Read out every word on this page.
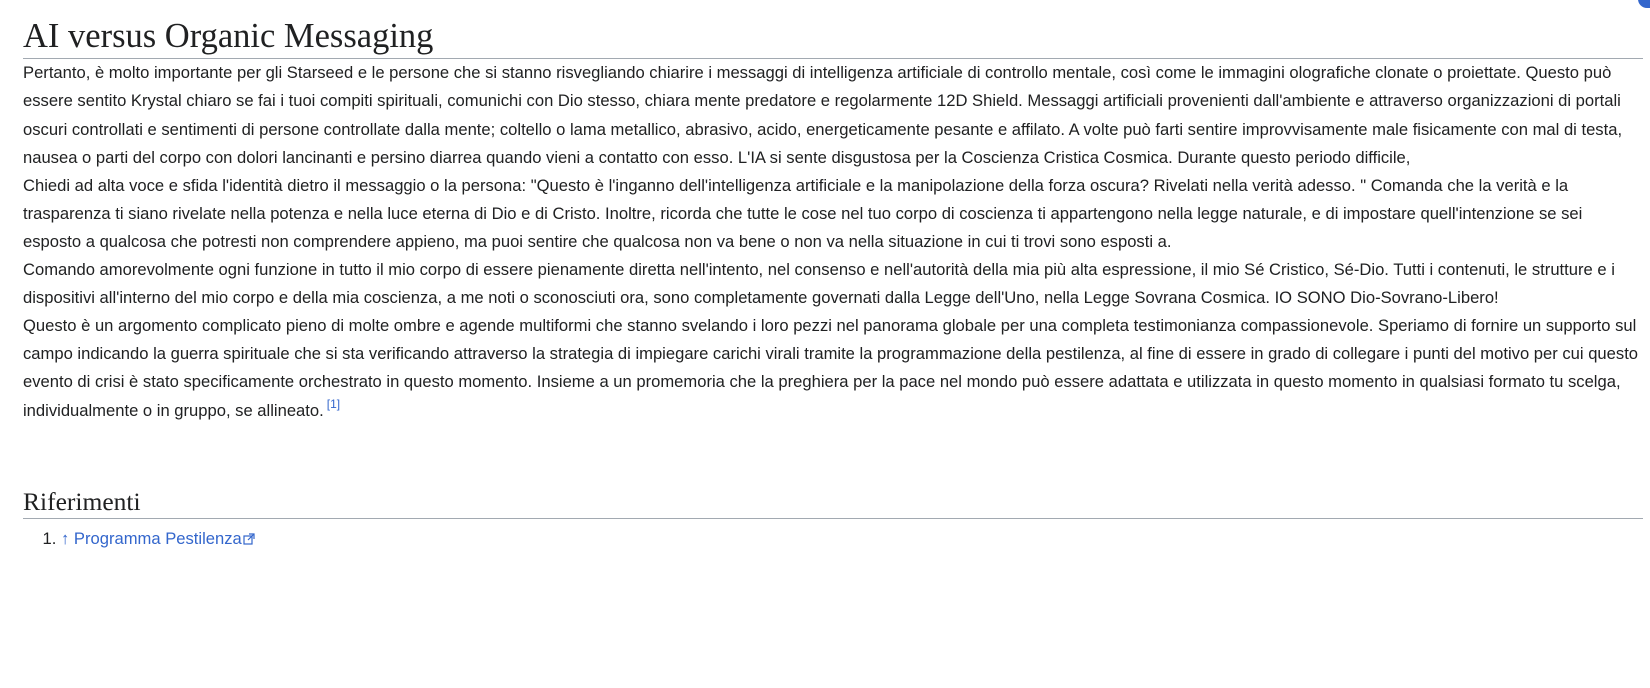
AI versus Organic Messaging

Pertanto, è molto importante per gli Starseed e le persone che si stanno risvegliando chiarire i messaggi di intelligenza artificiale di controllo mentale, così come le immagini olografiche clonate o proiettate. Questo può essere sentito Krystal chiaro se fai i tuoi compiti spirituali, comunichi con Dio stesso, chiara mente predatore e regolarmente 12D Shield. Messaggi artificiali provenienti dall'ambiente e attraverso organizzazioni di portali oscuri controllati e sentimenti di persone controllate dalla mente; coltello o lama metallico, abrasivo, acido, energeticamente pesante e affilato. A volte può farti sentire improvvisamente male fisicamente con mal di testa, nausea o parti del corpo con dolori lancinanti e persino diarrea quando vieni a contatto con esso. L'IA si sente disgustosa per la Coscienza Cristica Cosmica. Durante questo periodo difficile,

Chiedi ad alta voce e sfida l'identità dietro il messaggio o la persona: "Questo è l'inganno dell'intelligenza artificiale e la manipolazione della forza oscura? Rivelati nella verità adesso. " Comanda che la verità e la trasparenza ti siano rivelate nella potenza e nella luce eterna di Dio e di Cristo. Inoltre, ricorda che tutte le cose nel tuo corpo di coscienza ti appartengono nella legge naturale, e di impostare quell'intenzione se sei esposto a qualcosa che potresti non comprendere appieno, ma puoi sentire che qualcosa non va bene o non va nella situazione in cui ti trovi sono esposti a.

Comando amorevolmente ogni funzione in tutto il mio corpo di essere pienamente diretta nell'intento, nel consenso e nell'autorità della mia più alta espressione, il mio Sé Cristico, Sé-Dio. Tutti i contenuti, le strutture e i dispositivi all'interno del mio corpo e della mia coscienza, a me noti o sconosciuti ora, sono completamente governati dalla Legge dell'Uno, nella Legge Sovrana Cosmica. IO SONO Dio-Sovrano-Libero!

Questo è un argomento complicato pieno di molte ombre e agende multiformi che stanno svelando i loro pezzi nel panorama globale per una completa testimonianza compassionevole. Speriamo di fornire un supporto sul campo indicando la guerra spirituale che si sta verificando attraverso la strategia di impiegare carichi virali tramite la programmazione della pestilenza, al fine di essere in grado di collegare i punti del motivo per cui questo evento di crisi è stato specificamente orchestrato in questo momento. Insieme a un promemoria che la preghiera per la pace nel mondo può essere adattata e utilizzata in questo momento in qualsiasi formato tu scelga, individualmente o in gruppo, se allineato. [1]

Riferimenti
1. ↑ Programma Pestilenza
